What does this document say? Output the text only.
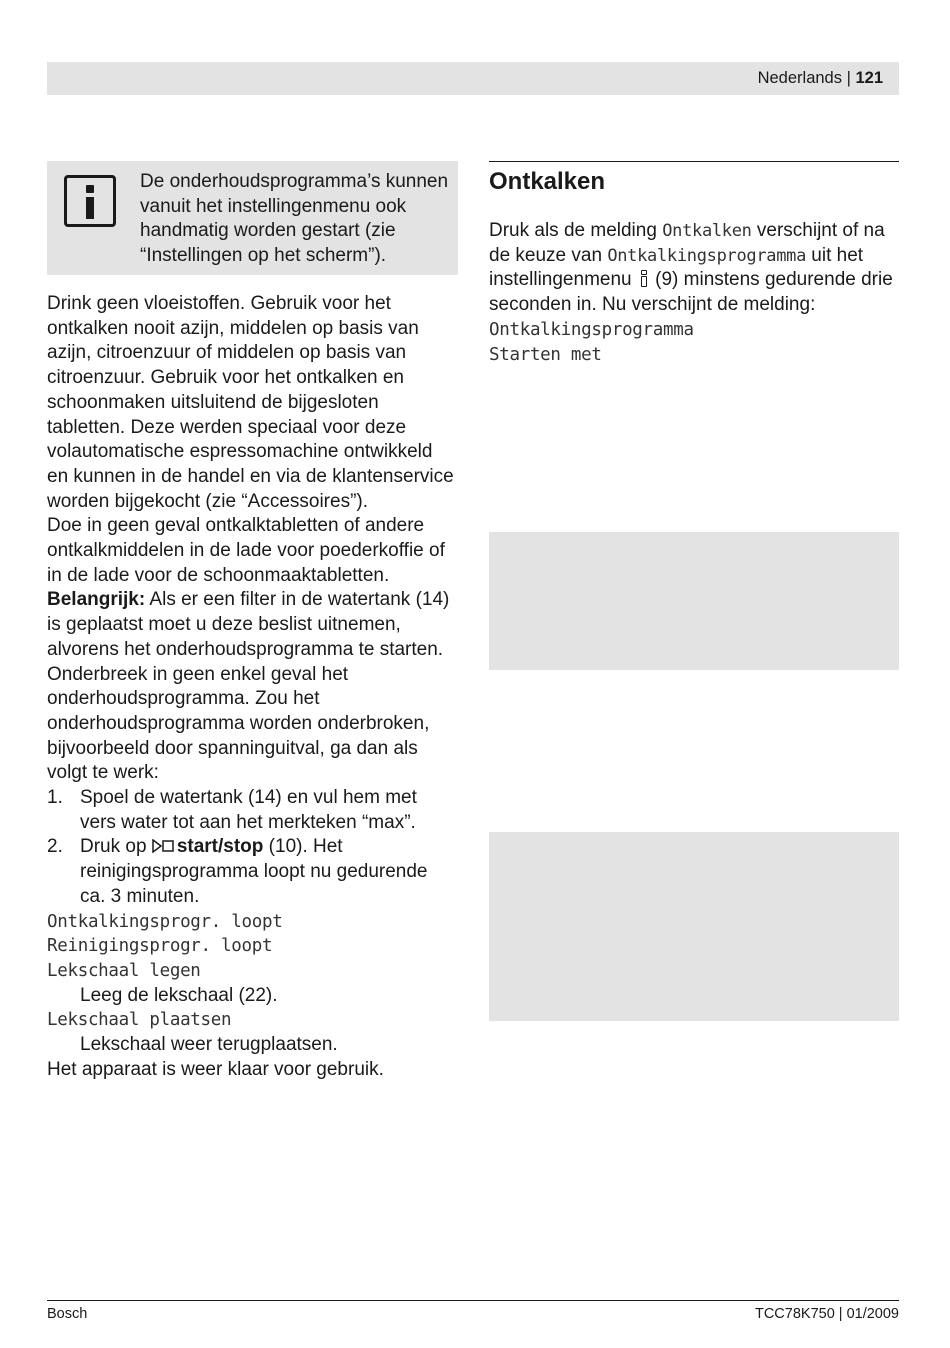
Nederlands | 121
De onderhoudsprogramma’s kunnen vanuit het instellingenmenu ook handmatig worden gestart (zie “Instellingen op het scherm”).

Drink geen vloeistoffen. Gebruik voor het ontkalken nooit azijn, middelen op basis van azijn, citroenzuur of middelen op basis van citroenzuur. Gebruik voor het ontkalken en schoonmaken uitsluitend de bijgesloten tabletten. Deze werden speciaal voor deze volautomatische espressomachine ontwikkeld en kunnen in de handel en via de klantenservice worden bijgekocht (zie “Accessoires”).

Doe in geen geval ontkalktabletten of andere ontkalkmiddelen in de lade voor poederkoffie of in de lade voor de schoonmaaktabletten.

Belangrijk: Als er een filter in de watertank (14) is geplaatst moet u deze beslist uitnemen, alvorens het onderhoudsprogramma te starten.

Onderbreek in geen enkel geval het onderhoudsprogramma. Zou het onderhoudsprogramma worden onderbroken, bijvoorbeeld door spanninguitval, ga dan als volgt te werk:

1. Spoel de watertank (14) en vul hem met vers water tot aan het merkteken “max”.
2. Druk op start/stop (10). Het reinigingsprogramma loopt nu gedurende ca. 3 minuten.
Ontkalkingsprogr. loopt
Reinigingsprogr. loopt
Lekschaal legen
Leeg de lekschaal (22).
Lekschaal plaatsen
Lekschaal weer terugplaatsen.

Het apparaat is weer klaar voor gebruik.

Ontkalken
Druk als de melding Ontkalken verschijnt of na de keuze van Ontkalkingsprogramma uit het instellingenmenu  (9) minstens gedurende drie seconden in. Nu verschijnt de melding:
Ontkalkingsprogramma
Starten met
Bosch	TCC78K750 | 01/2009
